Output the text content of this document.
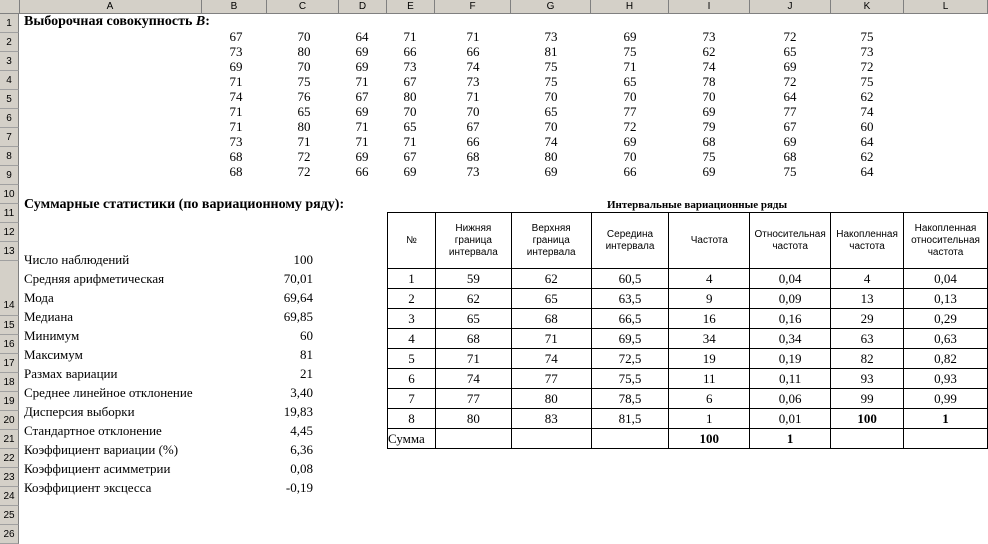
A	B	C	D	E	F	G	H	I	J	K	L
1
2
3
4
5
6
7
8
9
10
11
12
13
14
15
16
17
18
19
20
21
22
23
24
25
26
Выборочная совокупность B:
67	70	64	71	71	73	69	73	72	75
73	80	69	66	66	81	75	62	65	73
69	70	69	73	74	75	71	74	69	72
71	75	71	67	73	75	65	78	72	75
74	76	67	80	71	70	70	70	64	62
71	65	69	70	70	65	77	69	77	74
71	80	71	65	67	70	72	79	67	60
73	71	71	71	66	74	69	68	69	64
68	72	69	67	68	80	70	75	68	62
68	72	66	69	73	69	66	69	75	64
Суммарные статистики (по вариационному ряду):
Число наблюдений	100
Средняя арифметическая	70,01
Мода	69,64
Медиана	69,85
Минимум	60
Максимум	81
Размах вариации	21
Среднее линейное отклонение	3,40
Дисперсия выборки	19,83
Стандартное отклонение	4,45
Коэффициент вариации (%)	6,36
Коэффициент асимметрии	0,08
Коэффициент эксцесса	-0,19
Интервальные вариационные ряды
№	Нижняя граница интервала	Верхняя граница интервала	Середина интервала	Частота	Относительная частота	Накопленная частота	Накопленная относительная частота
1	59	62	60,5	4	0,04	4	0,04
2	62	65	63,5	9	0,09	13	0,13
3	65	68	66,5	16	0,16	29	0,29
4	68	71	69,5	34	0,34	63	0,63
5	71	74	72,5	19	0,19	82	0,82
6	74	77	75,5	11	0,11	93	0,93
7	77	80	78,5	6	0,06	99	0,99
8	80	83	81,5	1	0,01	100	1
Сумма				100	1		
